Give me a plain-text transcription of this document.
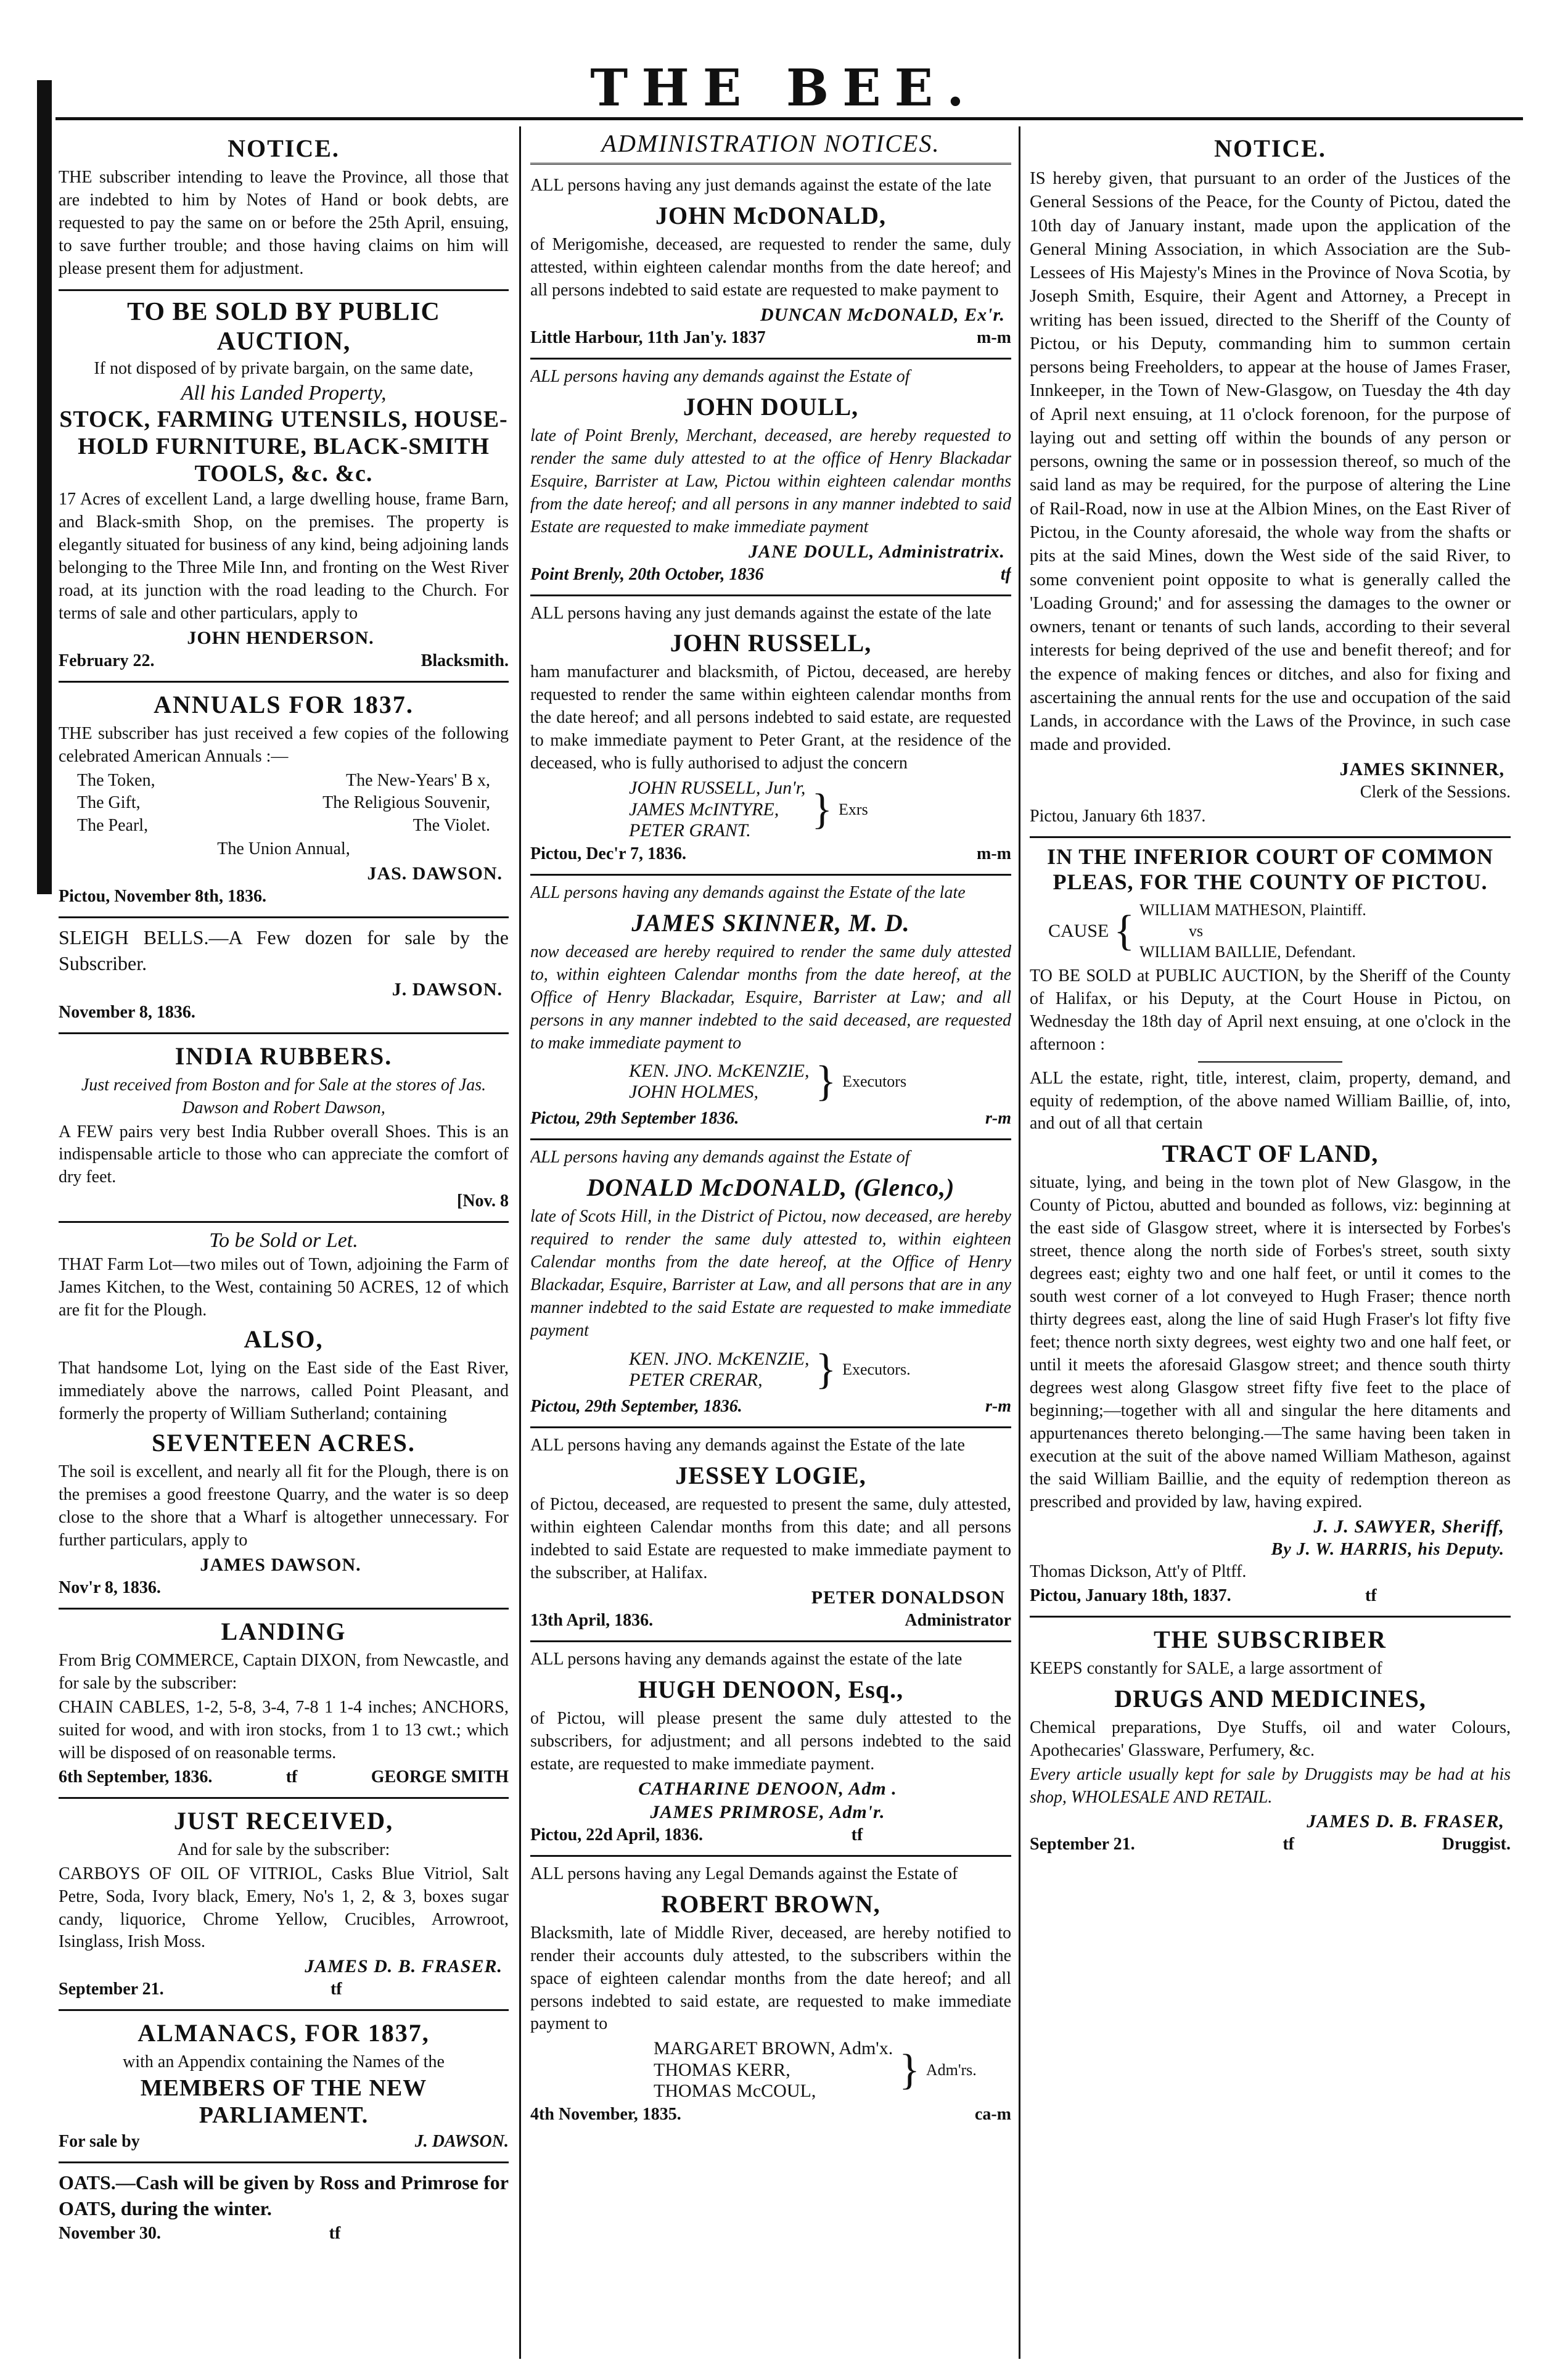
THE BEE.
NOTICE.
THE subscriber intending to leave the Province, all those that are indebted to him by Notes of Hand or book debts, are requested to pay the same on or before the 25th April, ensuing, to save further trouble; and those having claims on him will please present them for adjustment.
TO BE SOLD BY PUBLIC AUCTION,
If not disposed of by private bargain, on the same date,
All his Landed Property,
STOCK, FARMING UTENSILS, HOUSE-HOLD FURNITURE, BLACK-SMITH TOOLS, &c. &c.
17 Acres of excellent Land, a large dwelling house, frame Barn, and Black-smith Shop, on the premises. The property is elegantly situated for business of any kind, being adjoining lands belonging to the Three Mile Inn, and fronting on the West River road, at its junction with the road leading to the Church. For terms of sale and other particulars, apply to
JOHN HENDERSON.
February 22.	Blacksmith.
ANNUALS FOR 1837.
THE subscriber has just received a few copies of the following celebrated American Annuals :—
The Token,	The New-Years' B x,
The Gift,	The Religious Souvenir,
The Pearl,	The Violet.
The Union Annual,
JAS. DAWSON.
Pictou, November 8th, 1836.
SLEIGH BELLS.—A Few dozen for sale by the Subscriber.
J. DAWSON.
November 8, 1836.
INDIA RUBBERS.
Just received from Boston and for Sale at the stores of Jas. Dawson and Robert Dawson,
A FEW pairs very best India Rubber overall Shoes. This is an indispensable article to those who can appreciate the comfort of dry feet.
[Nov. 8
To be Sold or Let.
THAT Farm Lot—two miles out of Town, adjoining the Farm of James Kitchen, to the West, containing 50 ACRES, 12 of which are fit for the Plough.
ALSO,
That handsome Lot, lying on the East side of the East River, immediately above the narrows, called Point Pleasant, and formerly the property of William Sutherland; containing
SEVENTEEN ACRES.
The soil is excellent, and nearly all fit for the Plough, there is on the premises a good freestone Quarry, and the water is so deep close to the shore that a Wharf is altogether unnecessary. For further particulars, apply to
JAMES DAWSON.
Nov'r 8, 1836.
LANDING
From Brig COMMERCE, Captain DIXON, from Newcastle, and for sale by the subscriber:
CHAIN CABLES, 1-2, 5-8, 3-4, 7-8 1 1-4 inches; ANCHORS, suited for wood, and with iron stocks, from 1 to 13 cwt.; which will be disposed of on reasonable terms.
6th September, 1836.	tf	GEORGE SMITH
JUST RECEIVED,
And for sale by the subscriber:
CARBOYS OF OIL OF VITRIOL, Casks Blue Vitriol, Salt Petre, Soda, Ivory black, Emery, No's 1, 2, & 3, boxes sugar candy, liquorice, Chrome Yellow, Crucibles, Arrowroot, Isinglass, Irish Moss.
JAMES D. B. FRASER.
September 21.	tf
ALMANACS, FOR 1837,
with an Appendix containing the Names of the
MEMBERS OF THE NEW PARLIAMENT.
For sale by	J. DAWSON.
OATS.—Cash will be given by Ross and Primrose for OATS, during the winter.
November 30.	tf
ADMINISTRATION NOTICES.
ALL persons having any just demands against the estate of the late
JOHN McDONALD,
of Merigomishe, deceased, are requested to render the same, duly attested, within eighteen calendar months from the date hereof; and all persons indebted to said estate are requested to make payment to
DUNCAN McDONALD, Ex'r.
Little Harbour, 11th Jan'y. 1837	m-m
ALL persons having any demands against the Estate of
JOHN DOULL,
late of Point Brenly, Merchant, deceased, are hereby requested to render the same duly attested to at the office of Henry Blackadar Esquire, Barrister at Law, Pictou within eighteen calendar months from the date hereof; and all persons in any manner indebted to said Estate are requested to make immediate payment
JANE DOULL, Administratrix.
Point Brenly, 20th October, 1836	tf
ALL persons having any just demands against the estate of the late
JOHN RUSSELL,
ham manufacturer and blacksmith, of Pictou, deceased, are hereby requested to render the same within eighteen calendar months from the date hereof; and all persons indebted to said estate, are requested to make immediate payment to Peter Grant, at the residence of the deceased, who is fully authorised to adjust the concern
JOHN RUSSELL, Jun'r,
JAMES McINTYRE,
PETER GRANT.	} Exrs
Pictou, Dec'r 7, 1836.	m-m
ALL persons having any demands against the Estate of the late
JAMES SKINNER, M. D.
now deceased are hereby required to render the same duly attested to, within eighteen Calendar months from the date hereof, at the Office of Henry Blackadar, Esquire, Barrister at Law; and all persons in any manner indebted to the said deceased, are requested to make immediate payment to
KEN. JNO. McKENZIE,
JOHN HOLMES,	} Executors
Pictou, 29th September 1836.	r-m
ALL persons having any demands against the Estate of
DONALD McDONALD, (Glenco,)
late of Scots Hill, in the District of Pictou, now deceased, are hereby required to render the same duly attested to, within eighteen Calendar months from the date hereof, at the Office of Henry Blackadar, Esquire, Barrister at Law, and all persons that are in any manner indebted to the said Estate are requested to make immediate payment
KEN. JNO. McKENZIE,
PETER CRERAR,	} Executors.
Pictou, 29th September, 1836.	r-m
ALL persons having any demands against the Estate of the late
JESSEY LOGIE,
of Pictou, deceased, are requested to present the same, duly attested, within eighteen Calendar months from this date; and all persons indebted to said Estate are requested to make immediate payment to the subscriber, at Halifax.
PETER DONALDSON
13th April, 1836.	Administrator
ALL persons having any demands against the estate of the late
HUGH DENOON, Esq.,
of Pictou, will please present the same duly attested to the subscribers, for adjustment; and all persons indebted to the said estate, are requested to make immediate payment.
CATHARINE DENOON, Adm .
JAMES PRIMROSE, Adm'r.
Pictou, 22d April, 1836.	tf
ALL persons having any Legal Demands against the Estate of
ROBERT BROWN,
Blacksmith, late of Middle River, deceased, are hereby notified to render their accounts duly attested, to the subscribers within the space of eighteen calendar months from the date hereof; and all persons indebted to said estate, are requested to make immediate payment to
MARGARET BROWN, Adm'x.
THOMAS KERR,
THOMAS McCOUL,	} Adm'rs.
4th November, 1835.	ca-m
NOTICE.
IS hereby given, that pursuant to an order of the Justices of the General Sessions of the Peace, for the County of Pictou, dated the 10th day of January instant, made upon the application of the General Mining Association, in which Association are the Sub-Lessees of His Majesty's Mines in the Province of Nova Scotia, by Joseph Smith, Esquire, their Agent and Attorney, a Precept in writing has been issued, directed to the Sheriff of the County of Pictou, or his Deputy, commanding him to summon certain persons being Freeholders, to appear at the house of James Fraser, Innkeeper, in the Town of New-Glasgow, on Tuesday the 4th day of April next ensuing, at 11 o'clock forenoon, for the purpose of laying out and setting off within the bounds of any person or persons, owning the same or in possession thereof, so much of the said land as may be required, for the purpose of altering the Line of Rail-Road, now in use at the Albion Mines, on the East River of Pictou, in the County aforesaid, the whole way from the shafts or pits at the said Mines, down the West side of the said River, to some convenient point opposite to what is generally called the 'Loading Ground;' and for assessing the damages to the owner or owners, tenant or tenants of such lands, according to their several interests for being deprived of the use and benefit thereof; and for the expence of making fences or ditches, and also for fixing and ascertaining the annual rents for the use and occupation of the said Lands, in accordance with the Laws of the Province, in such case made and provided.
JAMES SKINNER,
Clerk of the Sessions.
Pictou, January 6th 1837.
IN THE INFERIOR COURT OF COMMON PLEAS, FOR THE COUNTY OF PICTOU.
CAUSE { WILLIAM MATHESON, Plaintiff.
vs
WILLIAM BAILLIE, Defendant.
TO BE SOLD at PUBLIC AUCTION, by the Sheriff of the County of Halifax, or his Deputy, at the Court House in Pictou, on Wednesday the 18th day of April next ensuing, at one o'clock in the afternoon :
ALL the estate, right, title, interest, claim, property, demand, and equity of redemption, of the above named William Baillie, of, into, and out of all that certain
TRACT OF LAND,
situate, lying, and being in the town plot of New Glasgow, in the County of Pictou, abutted and bounded as follows, viz: beginning at the east side of Glasgow street, where it is intersected by Forbes's street, thence along the north side of Forbes's street, south sixty degrees east; eighty two and one half feet, or until it comes to the south west corner of a lot conveyed to Hugh Fraser; thence north thirty degrees east, along the line of said Hugh Fraser's lot fifty five feet; thence north sixty degrees, west eighty two and one half feet, or until it meets the aforesaid Glasgow street; and thence south thirty degrees west along Glasgow street fifty five feet to the place of beginning;—together with all and singular the here ditaments and appurtenances thereto belonging.—The same having been taken in execution at the suit of the above named William Matheson, against the said William Baillie, and the equity of redemption thereon as prescribed and provided by law, having expired.
J. J. SAWYER, Sheriff,
By J. W. HARRIS, his Deputy.
Thomas Dickson, Att'y of Pltff.
Pictou, January 18th, 1837.	tf
THE SUBSCRIBER
KEEPS constantly for SALE, a large assortment of
DRUGS AND MEDICINES,
Chemical preparations, Dye Stuffs, oil and water Colours, Apothecaries' Glassware, Perfumery, &c.
Every article usually kept for sale by Druggists may be had at his shop, WHOLESALE AND RETAIL.
JAMES D. B. FRASER,
September 21.	tf	Druggist.
